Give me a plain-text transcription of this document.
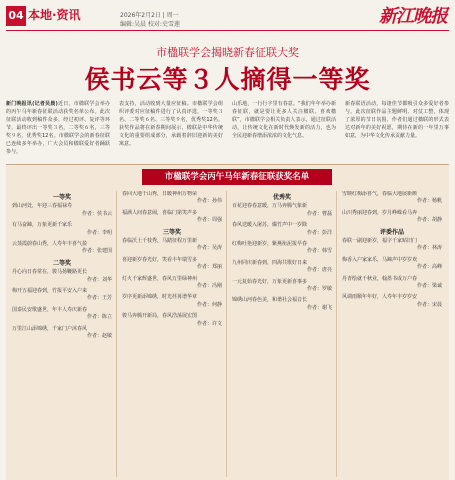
04 本地·资讯	2026年2月2日 | 周一
编辑:吴晨 校对:史雪莲	新江晚报
市楹联学会揭晓新春征联大奖
侯书云等３人摘得一等奖
新门晚报讯(记者吴晨)近日，市楹联学会举办的丙午马年新春征联活动获奖名单公布。此次征联活动收到稿件众多，经过初评、复评等环节，最终评出一等奖３名，二等奖６名，三等奖９名，优秀奖12名。市楹联学会的新春征联已连续多年举办，广大会员和楹联爱好者踊跃参与。
表支持，活动收到大量应征稿。市楹联学会组织评委对应征稿件进行了认真评选，一等奖３名、二等奖６名、三等奖９名，优秀奖12名。获奖作品将在新春期间展示，楹联是中华传统文化的重要组成部分，承载着辞旧迎新的美好寓意。
山乐地，一行行字里有春意。“我们年年举办新春征联，就是要让更多人关注楹联、喜欢楹联”，市楹联学会相关负责人表示，通过征联活动，让传统文化在新时代焕发新的活力，也为全民迎新春增添浓浓的文化气息。
新春联语活动，每逢佳节都吸引众多爱好者参与。此次征联作品主题鲜明、对仗工整，体现了浓厚的节日氛围，作者们通过楹联的形式表达对新年的美好祝愿，期待在新的一年里万事如意，为中华文化传承贡献力量。
市楹联学会丙午马年新春征联获奖名单
一等奖
到山河处，年迎三春福禄寿
作者：侯书云
有马奋蹄，万象更新千家乐
作者：李明
云蒸霞蔚春山秀，人寿年丰喜气盈
作者：张建国
二等奖
丹心向日春常在，骏马扬鞭路更长
作者：刘华
梅开五福迎春到，竹报平安入户来
作者：王芳
国泰民安歌盛世，年丰人寿庆新春
作者：陈立
万里江山添锦绣，千家门户沐春风
作者：赵敏
春回大地千山秀，日暖神州万物荣
作者：孙伟
福满人间春意闹，喜临门第笑声多
作者：周强
三等奖
春临沃土千枝秀，马踏征程万里新
作者：吴涛
喜迎新岁春光好，笑看丰年瑞雪多
作者：郑丽
灯火千家辉盛世，春风万里绿神州
作者：冯刚
岁序更新添锦绣，时光荏苒谱华章
作者：何静
骏马奔腾开新局，春风浩荡展宏图
作者：许文
优秀奖
百花迎春春意暖，万马奔腾气象新
作者：曹磊
春风送暖入屠苏，爆竹声中一岁除
作者：彭洋
红梅吐艳迎新岁，紫燕衔泥报早春
作者：韩雪
九州同庆新春到，四海共歌好日来
作者：唐亮
一元复始春光好，万象更新喜事多
作者：罗敏
锦绣山河春色美，和谐社会福音长
作者：谢飞
雪映红梅添喜气，春临大地展新颜
作者：杨帆
山川秀丽迎春到，岁月峥嵘看马奔
作者：胡静
评委作品
春联一副迎新岁，福字千家贴旧门
作者：林涛
梅香入户家家乐，马蹄声中岁岁欢
作者：高峰
丹青绘就千秋业，翰墨书成万户春
作者：梁诚
风调雨顺年年好，人寿年丰岁岁安
作者：宋晨
